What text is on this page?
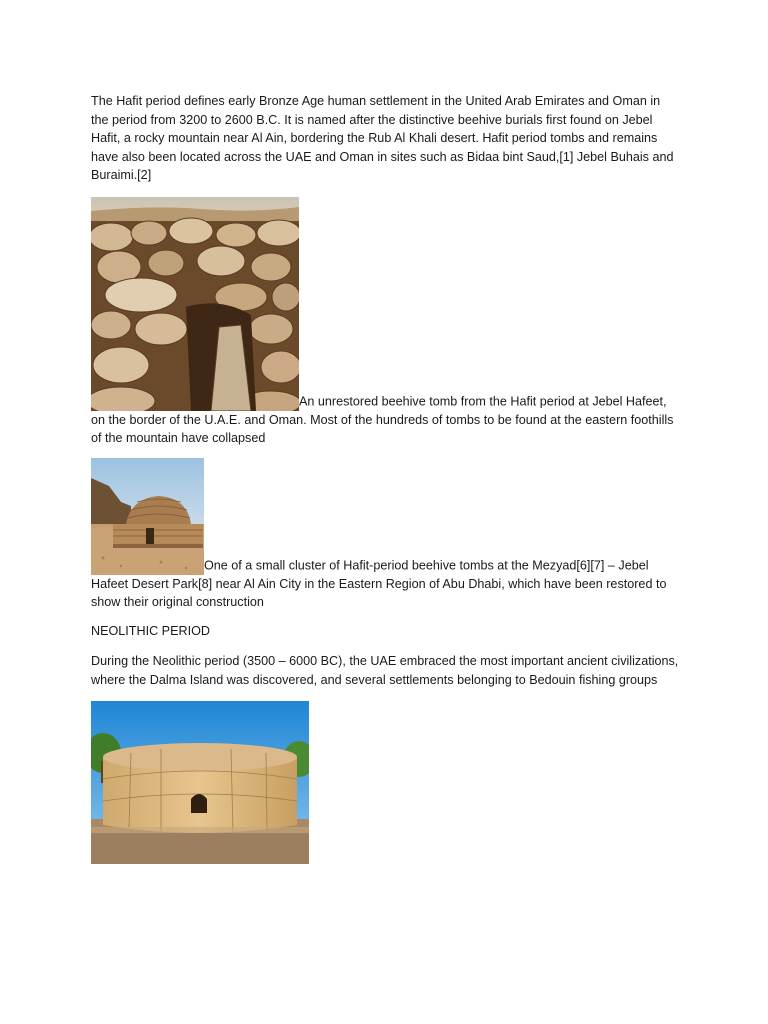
The Hafit period defines early Bronze Age human settlement in the United Arab Emirates and Oman in the period from 3200 to 2600 B.C. It is named after the distinctive beehive burials first found on Jebel Hafit, a rocky mountain near Al Ain, bordering the Rub Al Khali desert. Hafit period tombs and remains have also been located across the UAE and Oman in sites such as Bidaa bint Saud,[1] Jebel Buhais and Buraimi.[2]

An unrestored beehive tomb from the Hafit period at Jebel Hafeet, on the border of the U.A.E. and Oman. Most of the hundreds of tombs to be found at the eastern foothills of the mountain have collapsed

One of a small cluster of Hafit-period beehive tombs at the Mezyad[6][7] – Jebel Hafeet Desert Park[8] near Al Ain City in the Eastern Region of Abu Dhabi, which have been restored to show their original construction

NEOLITHIC PERIOD

During the Neolithic period (3500 – 6000 BC), the UAE embraced the most important ancient civilizations, where the Dalma Island was discovered, and several settlements belonging to Bedouin fishing groups
